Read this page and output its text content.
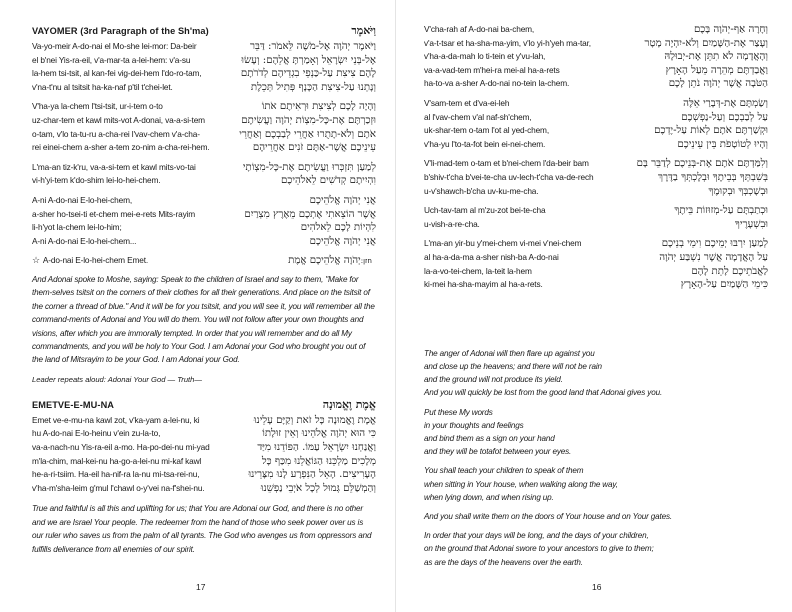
VAYOMER (3rd Paragraph of the Sh'ma)	וַיֹּאמֶר
Va-yo-meir A-do-nai el Mo-she lei-mor: Da-beir	וַיֹּאמֶר יְהֹוָה אֶל-מֹשֶׁה לֵּאמֹר: דַּבֵּר
el b'nei Yis-ra-eil, v'a-mar-ta a-lei-hem: v'a-su	אֶל-בְּנֵי יִשְׂרָאֵל וְאָמַרְתָּ אֲלֵהֶם: וְעָשׂוּ
la-hem tsi-tsit, al kan-fei vig-dei-hem l'do-ro-tam,	לָהֶם צִיצִת עַל-כַּנְפֵי בִגְדֵיהֶם לְדֹרֹתָם
v'na-t'nu al tsitsit ha-ka-naf p'til t'chei-let.	וְנָתְנוּ עַל-צִיצִת הַכָּנָף פְּתִיל תְּכֵלֶת
V'ha-ya la-chem l'tsi-tsit, ur-i-tem o-to	וְהָיָה לָכֶם לְצִיצִת וּרְאִיתֶם אֹתוֹ
uz-char-tem et kawl mits-vot A-donai, va-a-si-tem	וּזְכַרְתֶּם אֶת-כָּל-מִצְוֹת יְהֹוָה וַעֲשִׂיתֶם
o-tam, v'lo ta-tu-ru a-cha-rei l'vav-chem v'a-cha-	אֹתָם וְלֹא-תָתֻרוּ אַחֲרֵי לְבַבְכֶם וְאַחֲרֵי
rei einei-chem a-sher a-tem zo-nim a-cha-rei-hem.	עֵינֵיכֶם אֲשֶׁר-אַתֶּם זֹנִים אַחֲרֵיהֶם
L'ma-an tiz-k'ru, va-a-si-tem et kawl mits-vo-tai	לְמַעַן תִּזְכְּרוּ וַעֲשִׂיתֶם אֶת-כָּל-מִצְוֹתָי
vi-h'yi-tem k'do-shim lei-lo-hei-chem.	וִהְיִיתֶם קְדֹשִׁים לֵאלֹהֵיכֶם
A-ni A-do-nai E-lo-hei-chem,	אֲנִי יְהֹוָה אֱלֹהֵיכֶם
a-sher ho-tsei-ti et-chem mei-e-rets Mits-rayim	אֲשֶׁר הוֹצֵאתִי אֶתְכֶם מֵאֶרֶץ מִצְרַיִם
li-h'yot la-chem lei-lo-him;	לִהְיוֹת לָכֶם לֵאלֹהִים
A-ni A-do-nai E-lo-hei-chem...	אֲנִי יְהֹוָה אֱלֹהֵיכֶם
☆ A-do-nai E-lo-hei-chem Emet.	חזן:יְהֹוָה אֱלֹהֵיכֶם אֱמֶת

And Adonai spoke to Moshe, saying: Speak to the children of Israel and say to them, "Make for them-selves tsitsit on the corners of their clothes for all their generations. And place on the tsitsit of the corner a thread of blue." And it will be for you tsitsit, and you will see it, you will remember all the command-ments of Adonai and You will do them. You will not follow after your own thoughts and visions, after which you are immorally tempted. In order that you will remember and do all My commandments, and you will be holy to Your God. I am Adonai your God who brought you out of the land of Mitsrayim to be your God. I am Adonai your God.

Leader repeats aloud: Adonai Your God — Truth—
EMETVE-E-MU-NA	אֱמֶת וֶאֱמוּנָה
Emet ve-e-mu-na kawl zot, v'ka-yam a-lei-nu, ki	אֱמֶת וֶאֱמוּנָה כָּל זֹאת וְקַיָּם עָלֵינוּ
hu A-do-nai E-lo-heinu v'ein zu-la-to,	כִּי הוּא יְהֹוָה אֱלֹהֵינוּ וְאֵין זוּלָתוֹ
va-a-nach-nu Yis-ra-eil a-mo. Ha-po-dei-nu mi-yad	וַאֲנַחְנוּ יִשְׂרָאֵל עַמּוֹ. הַפּוֹדֵנוּ מִיַּד
m'la-chim, mal-kei-nu ha-go-a-lei-nu mi-kaf kawl	מְלָכִים מַלְכֵּנוּ הַגּוֹאֲלֵנוּ מִכַּף כָּל
he-a-ri-tsiim. Ha-eil ha-nif-ra la-nu mi-tsa-rei-nu,	הֶעָרִיצִים. הָאֵל הַנִּפְרָע לָנוּ מִצָּרֵינוּ
v'ha-m'sha-leim g'mul l'chawl o-y'vei na-f'shei-nu.	וְהַמְשַׁלֵּם גְּמוּל לְכָל אֹיְבֵי נַפְשֵׁנוּ

True and faithful is all this and uplifting for us; that You are Adonai our God, and there is no other and we are Israel Your people. The redeemer from the hand of those who seek power over us is our ruler who saves us from the palm of all tyrants. The God who avenges us from oppressors and fulfills deliverance from all enemies of our spirit.

17
V'cha-rah af A-do-nai ba-chem,	וְחָרָה אַף-יְהֹוָה בָּכֶם
v'a-t-tsar et ha-sha-ma-yim, v'lo yi-h'yeh ma-tar,	וְעָצַר אֶת-הַשָּׁמַיִם וְלֹא-יִהְיֶה מָטָר
v'ha-a-da-mah lo ti-tein et y'vu-lah,	וְהָאֲדָמָה לֹא תִתֵּן אֶת-יְבוּלָהּ
va-a-vad-tem m'hei-ra mei-al ha-a-rets	וַאֲבַדְתֶּם מְהֵרָה מֵעַל הָאָרֶץ
ha-to-va a-sher A-do-nai no-tein la-chem.	הַטֹּבָה אֲשֶׁר יְהֹוָה נֹתֵן לָכֶם
V'sam-tem et d'va-ei-leh	וְשַׂמְתֶּם אֶת-דְּבָרַי אֵלֶּה
al l'vav-chem v'al naf-sh'chem,	עַל לְבַבְכֶם וְעַל-נַפְשְׁכֶם
uk-shar-tem o-tam l'ot al yed-chem,	וּקְשַׁרְתֶּם אֹתָם לְאוֹת עַל-יֶדְכֶם
v'ha-yu l'to-ta-fot bein ei-nei-chem.	וְהָיוּ לְטוֹטָפֹת בֵּין עֵינֵיכֶם
V'li-mad-tem o-tam et b'nei-chem l'da-beir bam	וְלִמַּדְתֶּם אֹתָם אֶת-בְּנֵיכֶם לְדַבֵּר בָּם
b'shiv-t'cha b'vei-te-cha uv-lech-t'cha va-de-rech	בְּשִׁבְתְּךָ בְּבֵיתֶךָ וּבְלֶכְתְּךָ בַדֶּרֶךְ
u-v'shawch-b'cha uv-ku-me-cha.	וּבְשָׁכְבְּךָ וּבְקוּמֶךָ
Uch-tav-tam al m'zu-zot bei-te-cha	וּכְתַבְתָּם עַל-מְזוּזוֹת בֵּיתֶךָ
u-vish-a-re-cha.	וּבִשְׁעָרֶיךָ
L'ma-an yir-bu y'mei-chem vi-mei v'nei-chem	לְמַעַן יִרְבּוּ יְמֵיכֶם וִימֵי בְנֵיכֶם
al ha-a-da-ma a-sher nish-ba A-do-nai	עַל הָאֲדָמָה אֲשֶׁר נִשְׁבַּע יְהֹוָה
la-a-vo-tei-chem, la-teit la-hem	לַאֲבֹתֵיכֶם לָתֵת לָהֶם
ki-mei ha-sha-mayim al ha-a-rets.	כִּימֵי הַשָּׁמַיִם עַל-הָאָרֶץ
The anger of Adonai will then flare up against you
and close up the heavens; and there will not be rain
and the ground will not produce its yield.
And you will quickly be lost from the good land that Adonai gives you.
Put these My words
in your thoughts and feelings
and bind them as a sign on your hand
and they will be totafot between your eyes.
You shall teach your children to speak of them
when sitting in Your house, when walking along the way,
when lying down, and when rising up.
And you shall write them on the doors of Your house and on Your gates.
In order that your days will be long, and the days of your children,
on the ground that Adonai swore to your ancestors to give to them;
as are the days of the heavens over the earth.
16
